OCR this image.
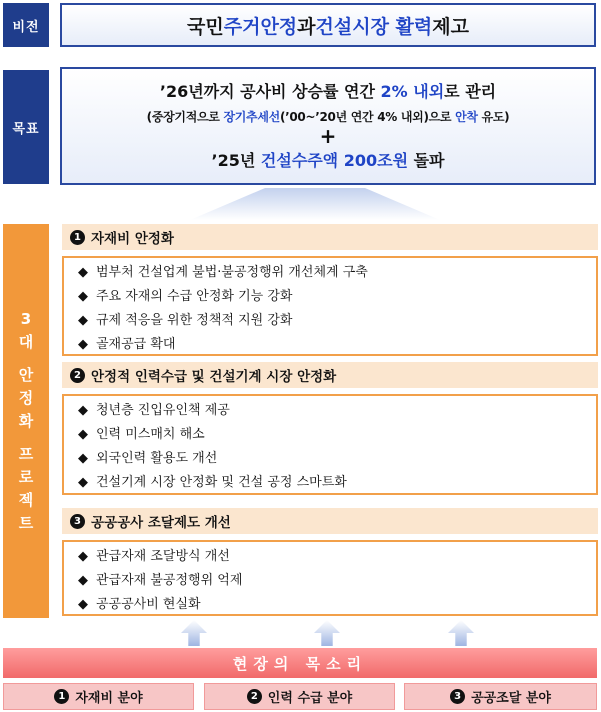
비전	국민 주거안정 과 건설시장 활력 제고
목표
’26년까지 공사비 상승률 연간 2% 내외로 관리
(중장기적으로 장기추세선(’00~’20년 연간 4% 내외)으로 안착 유도)
+
’25년 건설수주액 200조원 돌파
3
대
안
정
화
프
로
젝
트
1 자재비 안정화
◆ 범부처 건설업계 불법·불공정행위 개선체계 구축
◆ 주요 자재의 수급 안정화 기능 강화
◆ 규제 적응을 위한 정책적 지원 강화
◆ 골재공급 확대
2 안정적 인력수급 및 건설기계 시장 안정화
◆ 청년층 진입유인책 제공
◆ 인력 미스매치 해소
◆ 외국인력 활용도 개선
◆ 건설기계 시장 안정화 및 건설 공정 스마트화
3 공공공사 조달제도 개선
◆ 관급자재 조달방식 개선
◆ 관급자재 불공정행위 억제
◆ 공공공사비 현실화
현장의 목소리
1 자재비 분야	2 인력 수급 분야	3 공공조달 분야
